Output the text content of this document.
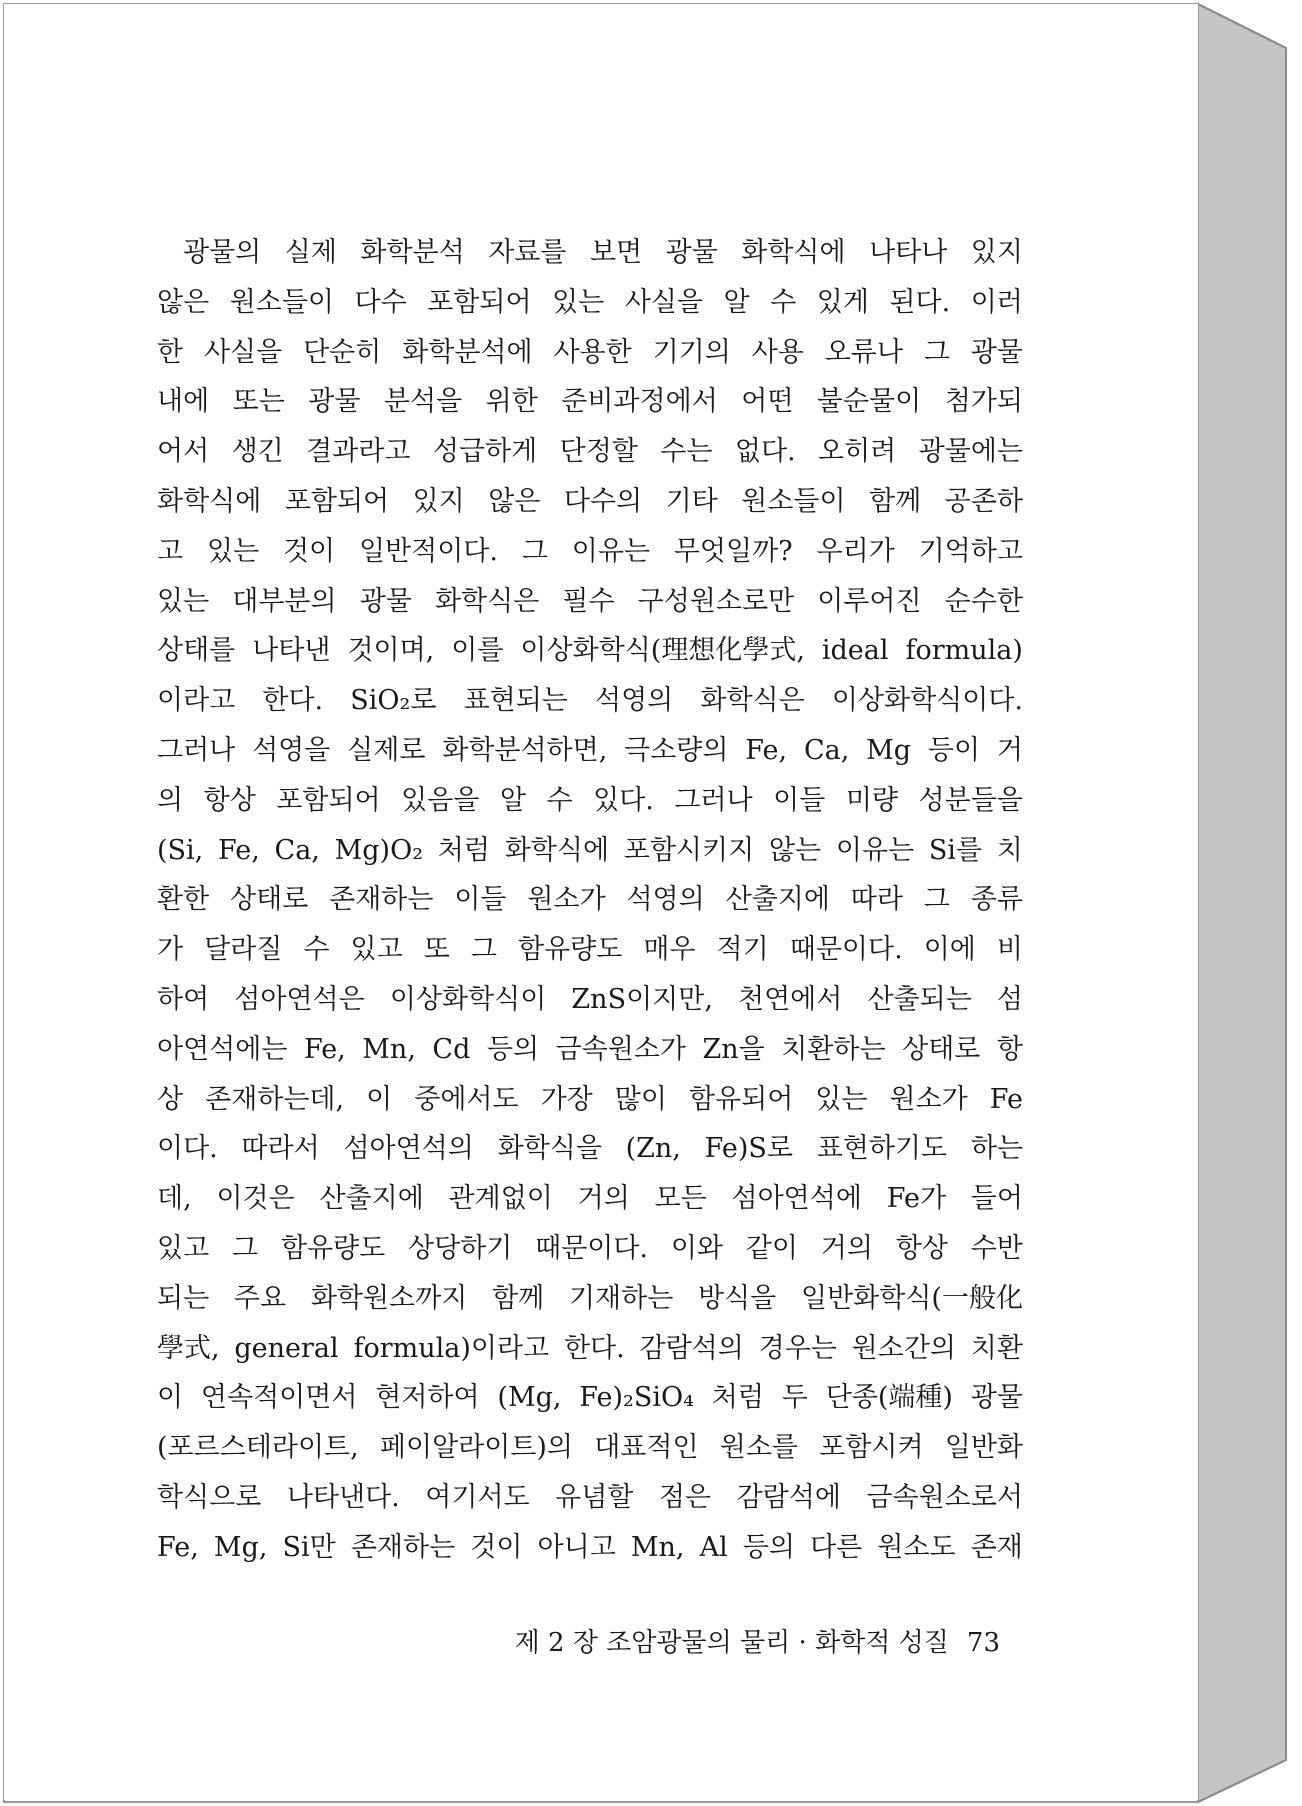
광물의 실제 화학분석 자료를 보면 광물 화학식에 나타나 있지
않은 원소들이 다수 포함되어 있는 사실을 알 수 있게 된다. 이러
한 사실을 단순히 화학분석에 사용한 기기의 사용 오류나 그 광물
내에 또는 광물 분석을 위한 준비과정에서 어떤 불순물이 첨가되
어서 생긴 결과라고 성급하게 단정할 수는 없다. 오히려 광물에는
화학식에 포함되어 있지 않은 다수의 기타 원소들이 함께 공존하
고 있는 것이 일반적이다. 그 이유는 무엇일까? 우리가 기억하고
있는 대부분의 광물 화학식은 필수 구성원소로만 이루어진 순수한
상태를 나타낸 것이며, 이를 이상화학식(理想化學式, ideal formula)
이라고 한다. SiO₂로 표현되는 석영의 화학식은 이상화학식이다.
그러나 석영을 실제로 화학분석하면, 극소량의 Fe, Ca, Mg 등이 거
의 항상 포함되어 있음을 알 수 있다. 그러나 이들 미량 성분들을
(Si, Fe, Ca, Mg)O₂ 처럼 화학식에 포함시키지 않는 이유는 Si를 치
환한 상태로 존재하는 이들 원소가 석영의 산출지에 따라 그 종류
가 달라질 수 있고 또 그 함유량도 매우 적기 때문이다. 이에 비
하여 섬아연석은 이상화학식이 ZnS이지만, 천연에서 산출되는 섬
아연석에는 Fe, Mn, Cd 등의 금속원소가 Zn을 치환하는 상태로 항
상 존재하는데, 이 중에서도 가장 많이 함유되어 있는 원소가 Fe
이다. 따라서 섬아연석의 화학식을 (Zn, Fe)S로 표현하기도 하는
데, 이것은 산출지에 관계없이 거의 모든 섬아연석에 Fe가 들어
있고 그 함유량도 상당하기 때문이다. 이와 같이 거의 항상 수반
되는 주요 화학원소까지 함께 기재하는 방식을 일반화학식(一般化
學式, general formula)이라고 한다. 감람석의 경우는 원소간의 치환
이 연속적이면서 현저하여 (Mg, Fe)₂SiO₄ 처럼 두 단종(端種) 광물
(포르스테라이트, 페이알라이트)의 대표적인 원소를 포함시켜 일반화
학식으로 나타낸다. 여기서도 유념할 점은 감람석에 금속원소로서
Fe, Mg, Si만 존재하는 것이 아니고 Mn, Al 등의 다른 원소도 존재
제 2 장 조암광물의 물리 · 화학적 성질 73
